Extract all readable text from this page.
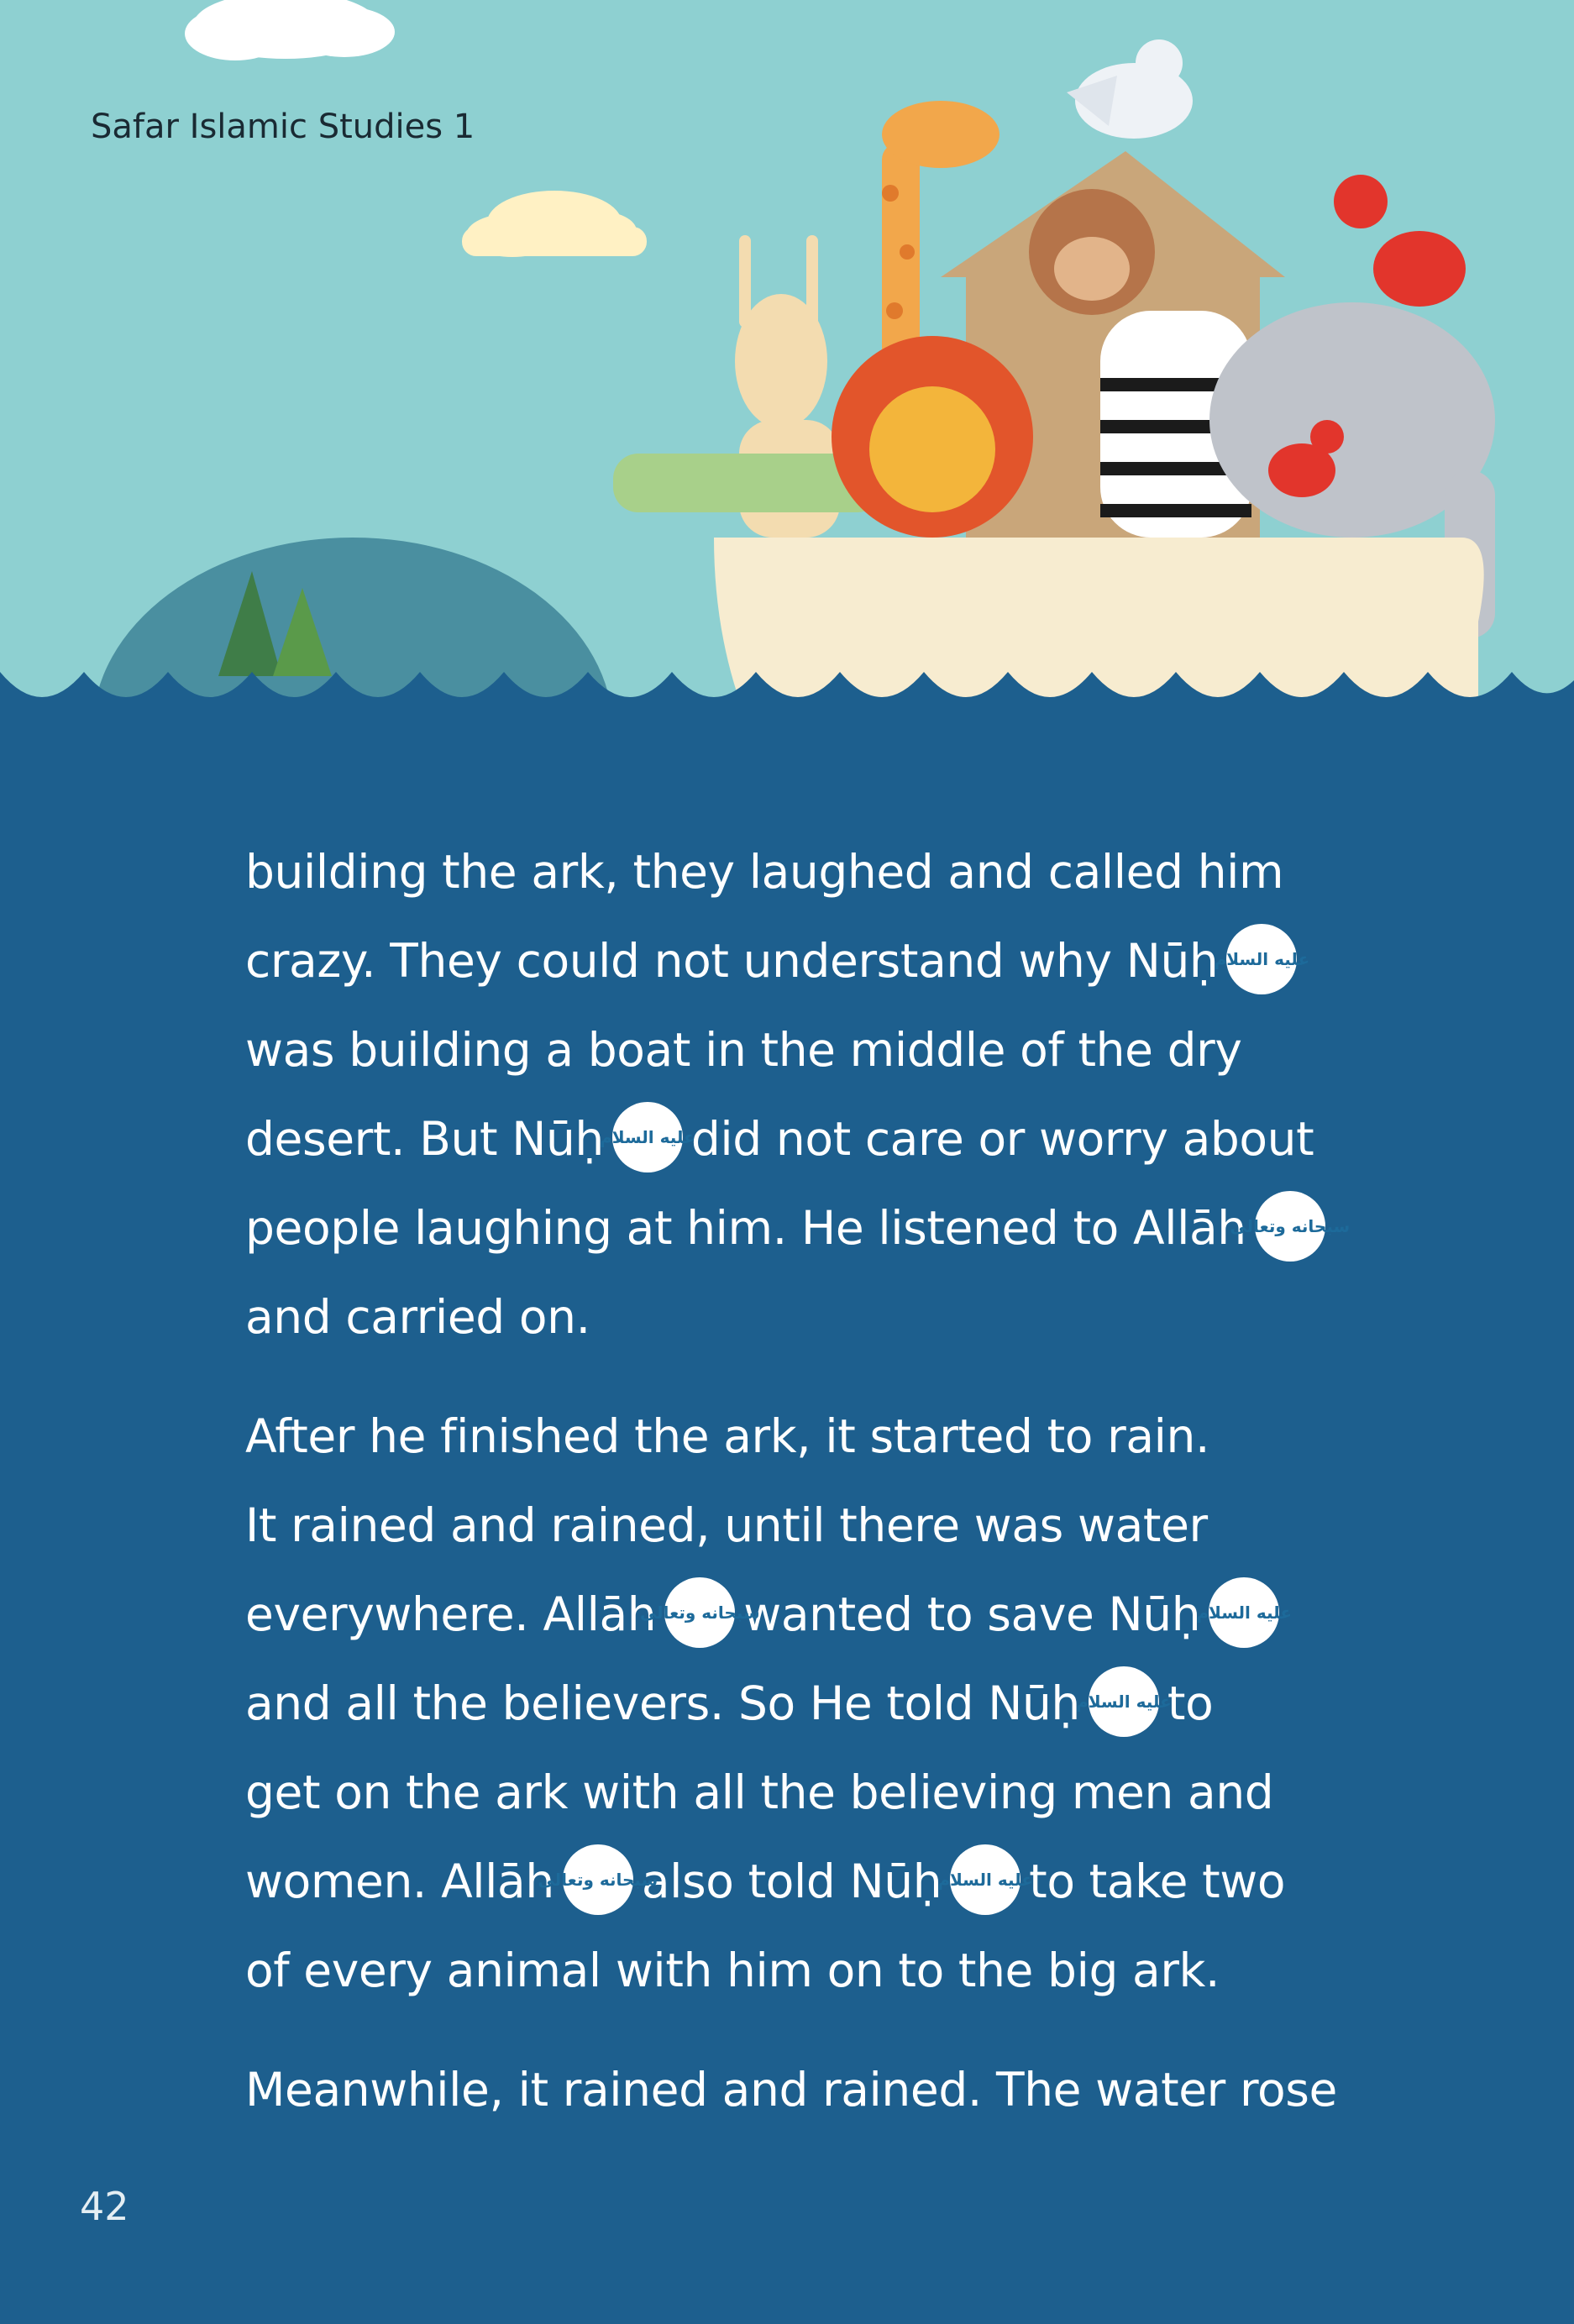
Safar Islamic Studies 1
building the ark, they laughed and called him
crazy. They could not understand why Nūḥعليه السلام
was building a boat in the middle of the dry
desert. But Nūḥعليه السلامdid not care or worry about
people laughing at him. He listened to Allāhسبحانه وتعالى
and carried on.
After he finished the ark, it started to rain.
It rained and rained, until there was water
everywhere. Allāhسبحانه وتعالىwanted to save Nūḥعليه السلام
and all the believers. So He told Nūḥعليه السلامto
get on the ark with all the believing men and
women. Allāhسبحانه وتعالىalso told Nūḥعليه السلامto take two
of every animal with him on to the big ark.
Meanwhile, it rained and rained. The water rose
42
